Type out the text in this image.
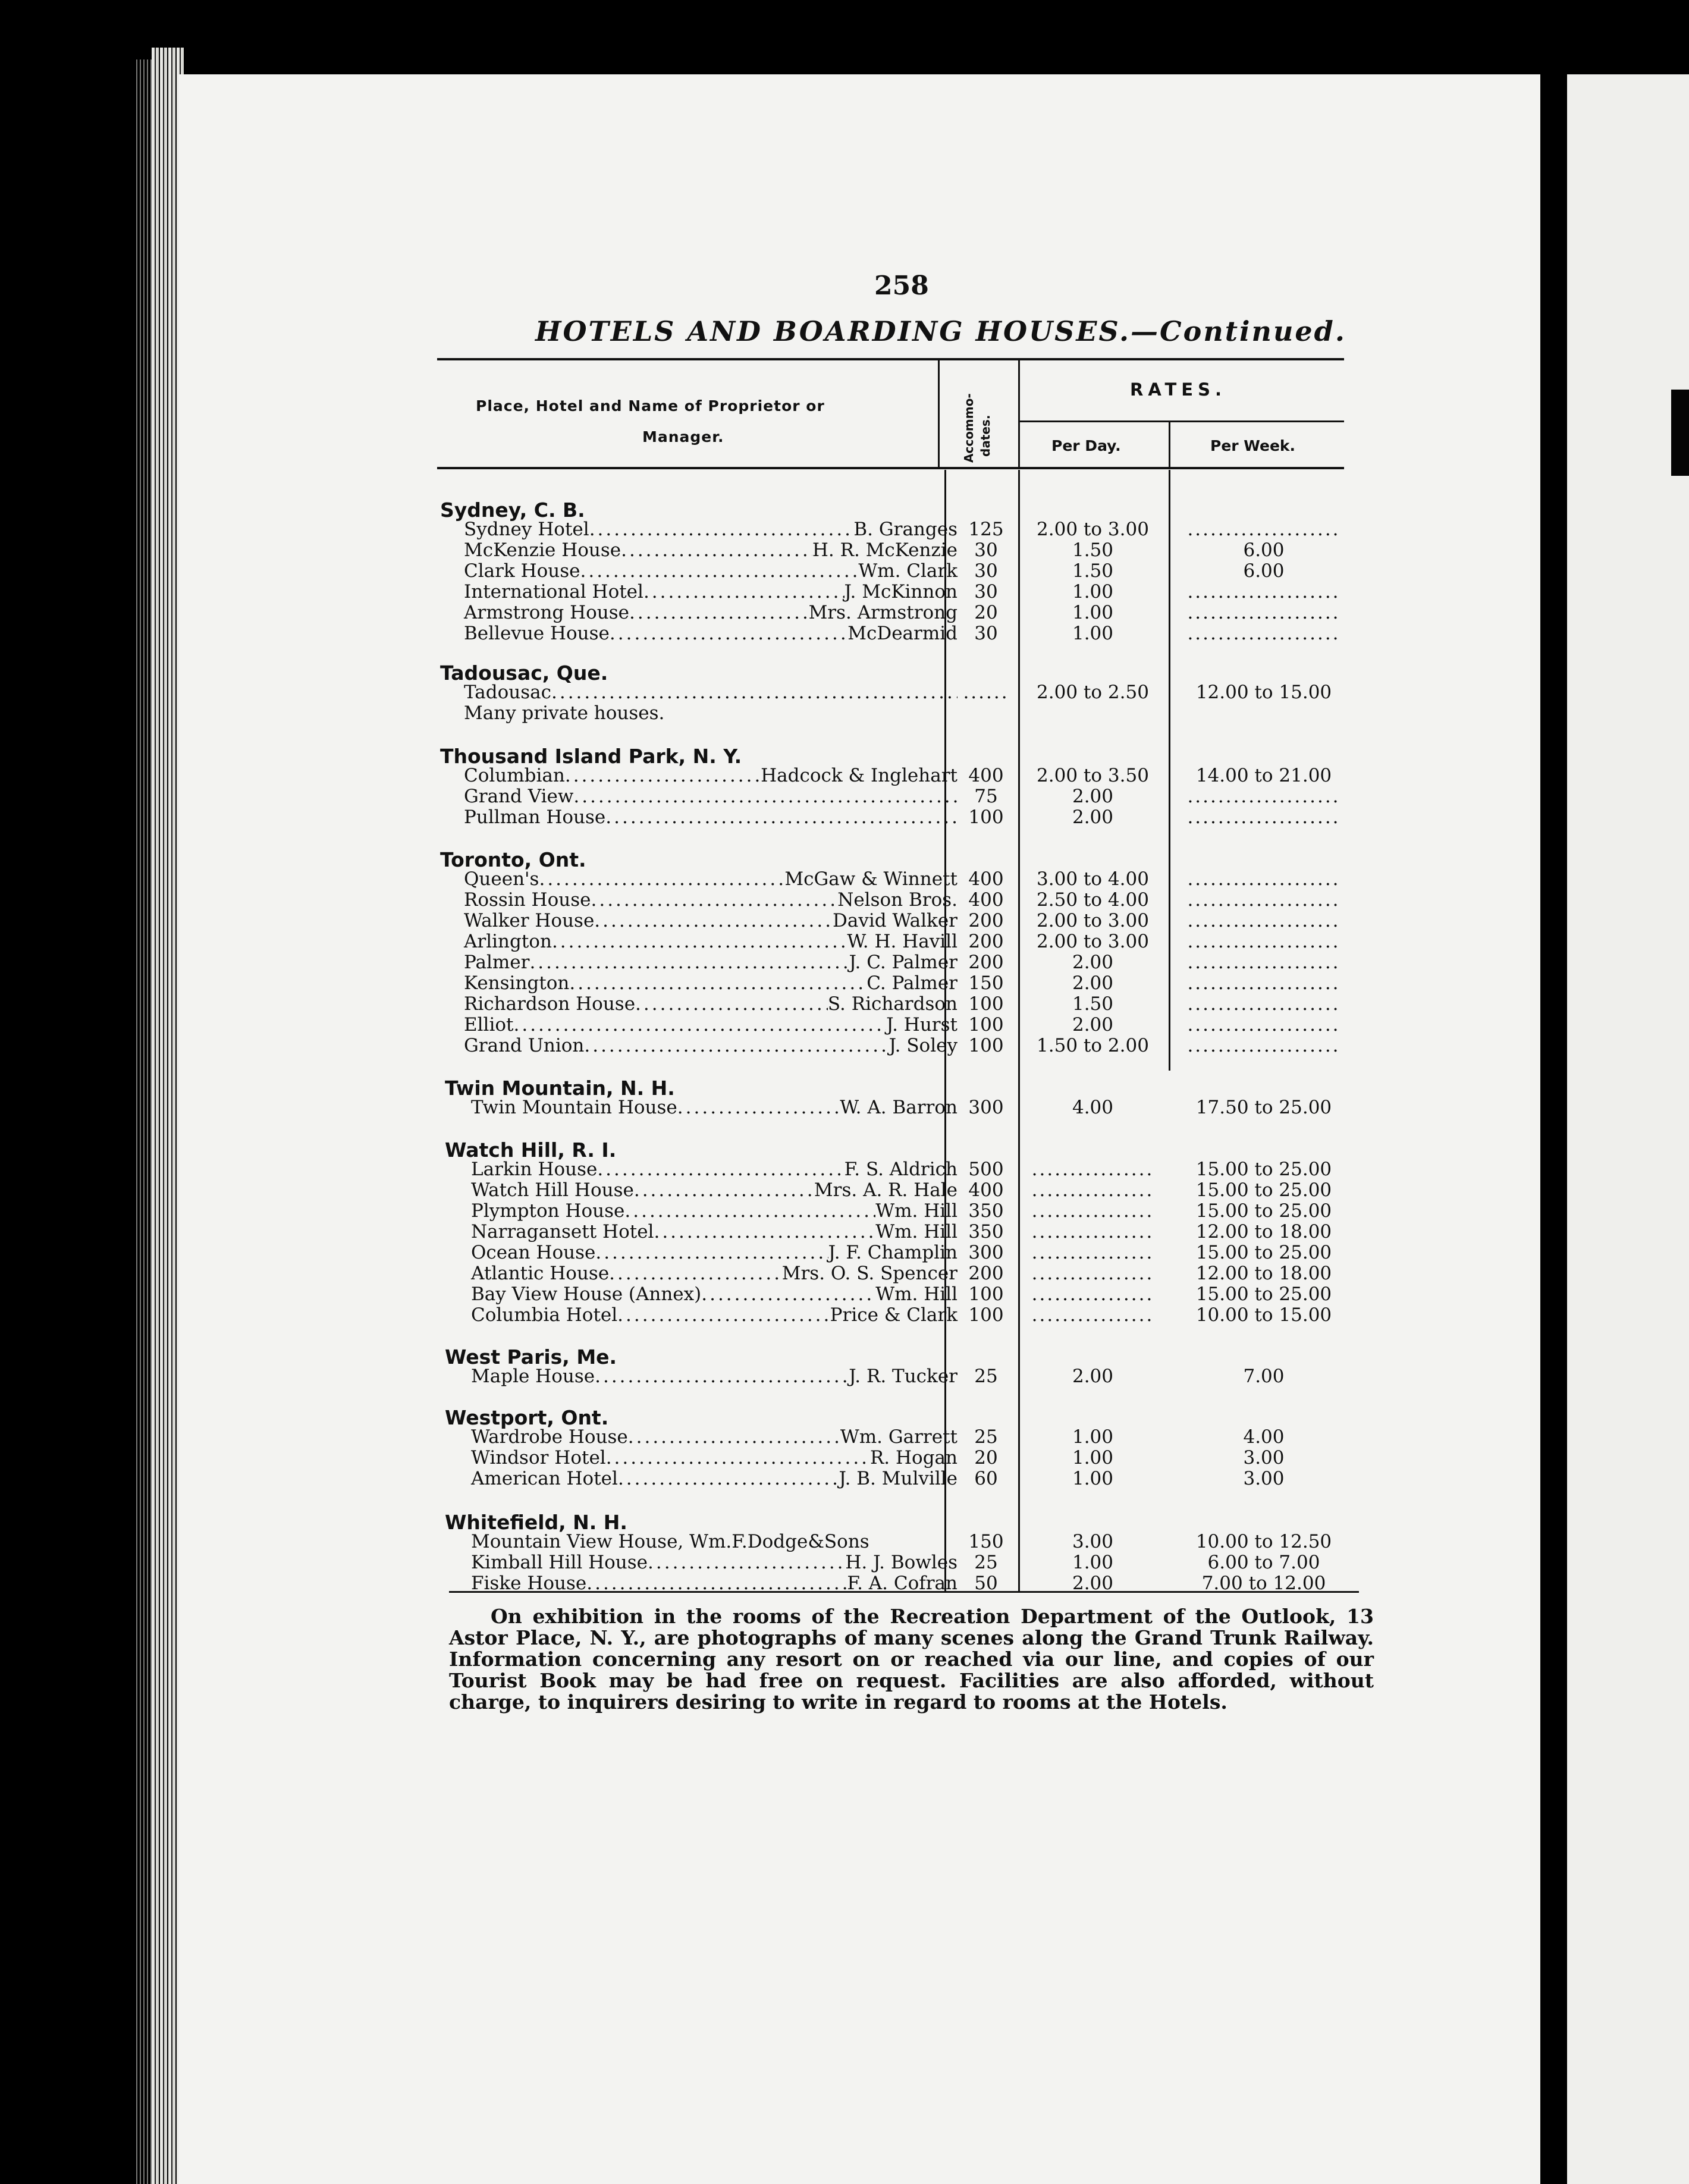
258
HOTELS AND BOARDING HOUSES.—Continued.
Place, Hotel and Name of Proprietor or
Manager.	Accommo- dates.
RATES.
Per Day.	Per Week.
Sydney, C. B.
Sydney Hotel .....	B. Granges 125	2.00 to 3.00	....................
McKenzie House .....	H. R. McKenzie 30	1.50	6.00
Clark House .....	Wm. Clark 30	1.50	6.00
International Hotel .....	J. McKinnon 30	1.00	....................
Armstrong House .....	Mrs. Armstrong 20	1.00	....................
Bellevue House .....	McDearmid 30	1.00	....................
Tadousac, Que.
Tadousac .....	......	2.00 to 2.50	12.00 to 15.00
Many private houses.
Thousand Island Park, N. Y.
Columbian .....	Hadcock & Inglehart 400	2.00 to 3.50	14.00 to 21.00
Grand View .....	75	2.00	....................
Pullman House .....	100	2.00	....................
Toronto, Ont.
Queen's .....	McGaw & Winnett 400	3.00 to 4.00	....................
Rossin House .....	Nelson Bros. 400	2.50 to 4.00	....................
Walker House .....	David Walker 200	2.00 to 3.00	....................
Arlington .....	W. H. Havill 200	2.00 to 3.00	....................
Palmer .....	J. C. Palmer 200	2.00	....................
Kensington .....	C. Palmer 150	2.00	....................
Richardson House .....	S. Richardson 100	1.50	....................
Elliot .....	J. Hurst 100	2.00	....................
Grand Union .....	J. Soley 100	1.50 to 2.00	....................
Twin Mountain, N. H.
Twin Mountain House .....	W. A. Barron 300	4.00	17.50 to 25.00
Watch Hill, R. I.
Larkin House .....	F. S. Aldrich 500	................	15.00 to 25.00
Watch Hill House .....	Mrs. A. R. Hale 400	................	15.00 to 25.00
Plympton House .....	Wm. Hill 350	................	15.00 to 25.00
Narragansett Hotel .....	Wm. Hill 350	................	12.00 to 18.00
Ocean House .....	J. F. Champlin 300	................	15.00 to 25.00
Atlantic House .....	Mrs. O. S. Spencer 200	................	12.00 to 18.00
Bay View House (Annex) .....	Wm. Hill 100	................	15.00 to 25.00
Columbia Hotel .....	Price & Clark 100	................	10.00 to 15.00
West Paris, Me.
Maple House .....	J. R. Tucker 25	2.00	7.00
Westport, Ont.
Wardrobe House .....	Wm. Garrett 25	1.00	4.00
Windsor Hotel .....	R. Hogan 20	1.00	3.00
American Hotel .....	J. B. Mulville 60	1.00	3.00
Whitefield, N. H.
Mountain View House, Wm.F.Dodge&Sons	150	3.00	10.00 to 12.50
Kimball Hill House .....	H. J. Bowles 25	1.00	6.00 to 7.00
Fiske House .....	F. A. Cofran 50	2.00	7.00 to 12.00
On exhibition in the rooms of the Recreation Department of the Outlook, 13 Astor Place, N. Y., are photographs of many scenes along the Grand Trunk Railway. Information concerning any resort on or reached via our line, and copies of our Tourist Book may be had free on request. Facilities are also afforded, without charge, to inquirers desiring to write in regard to rooms at the Hotels.
